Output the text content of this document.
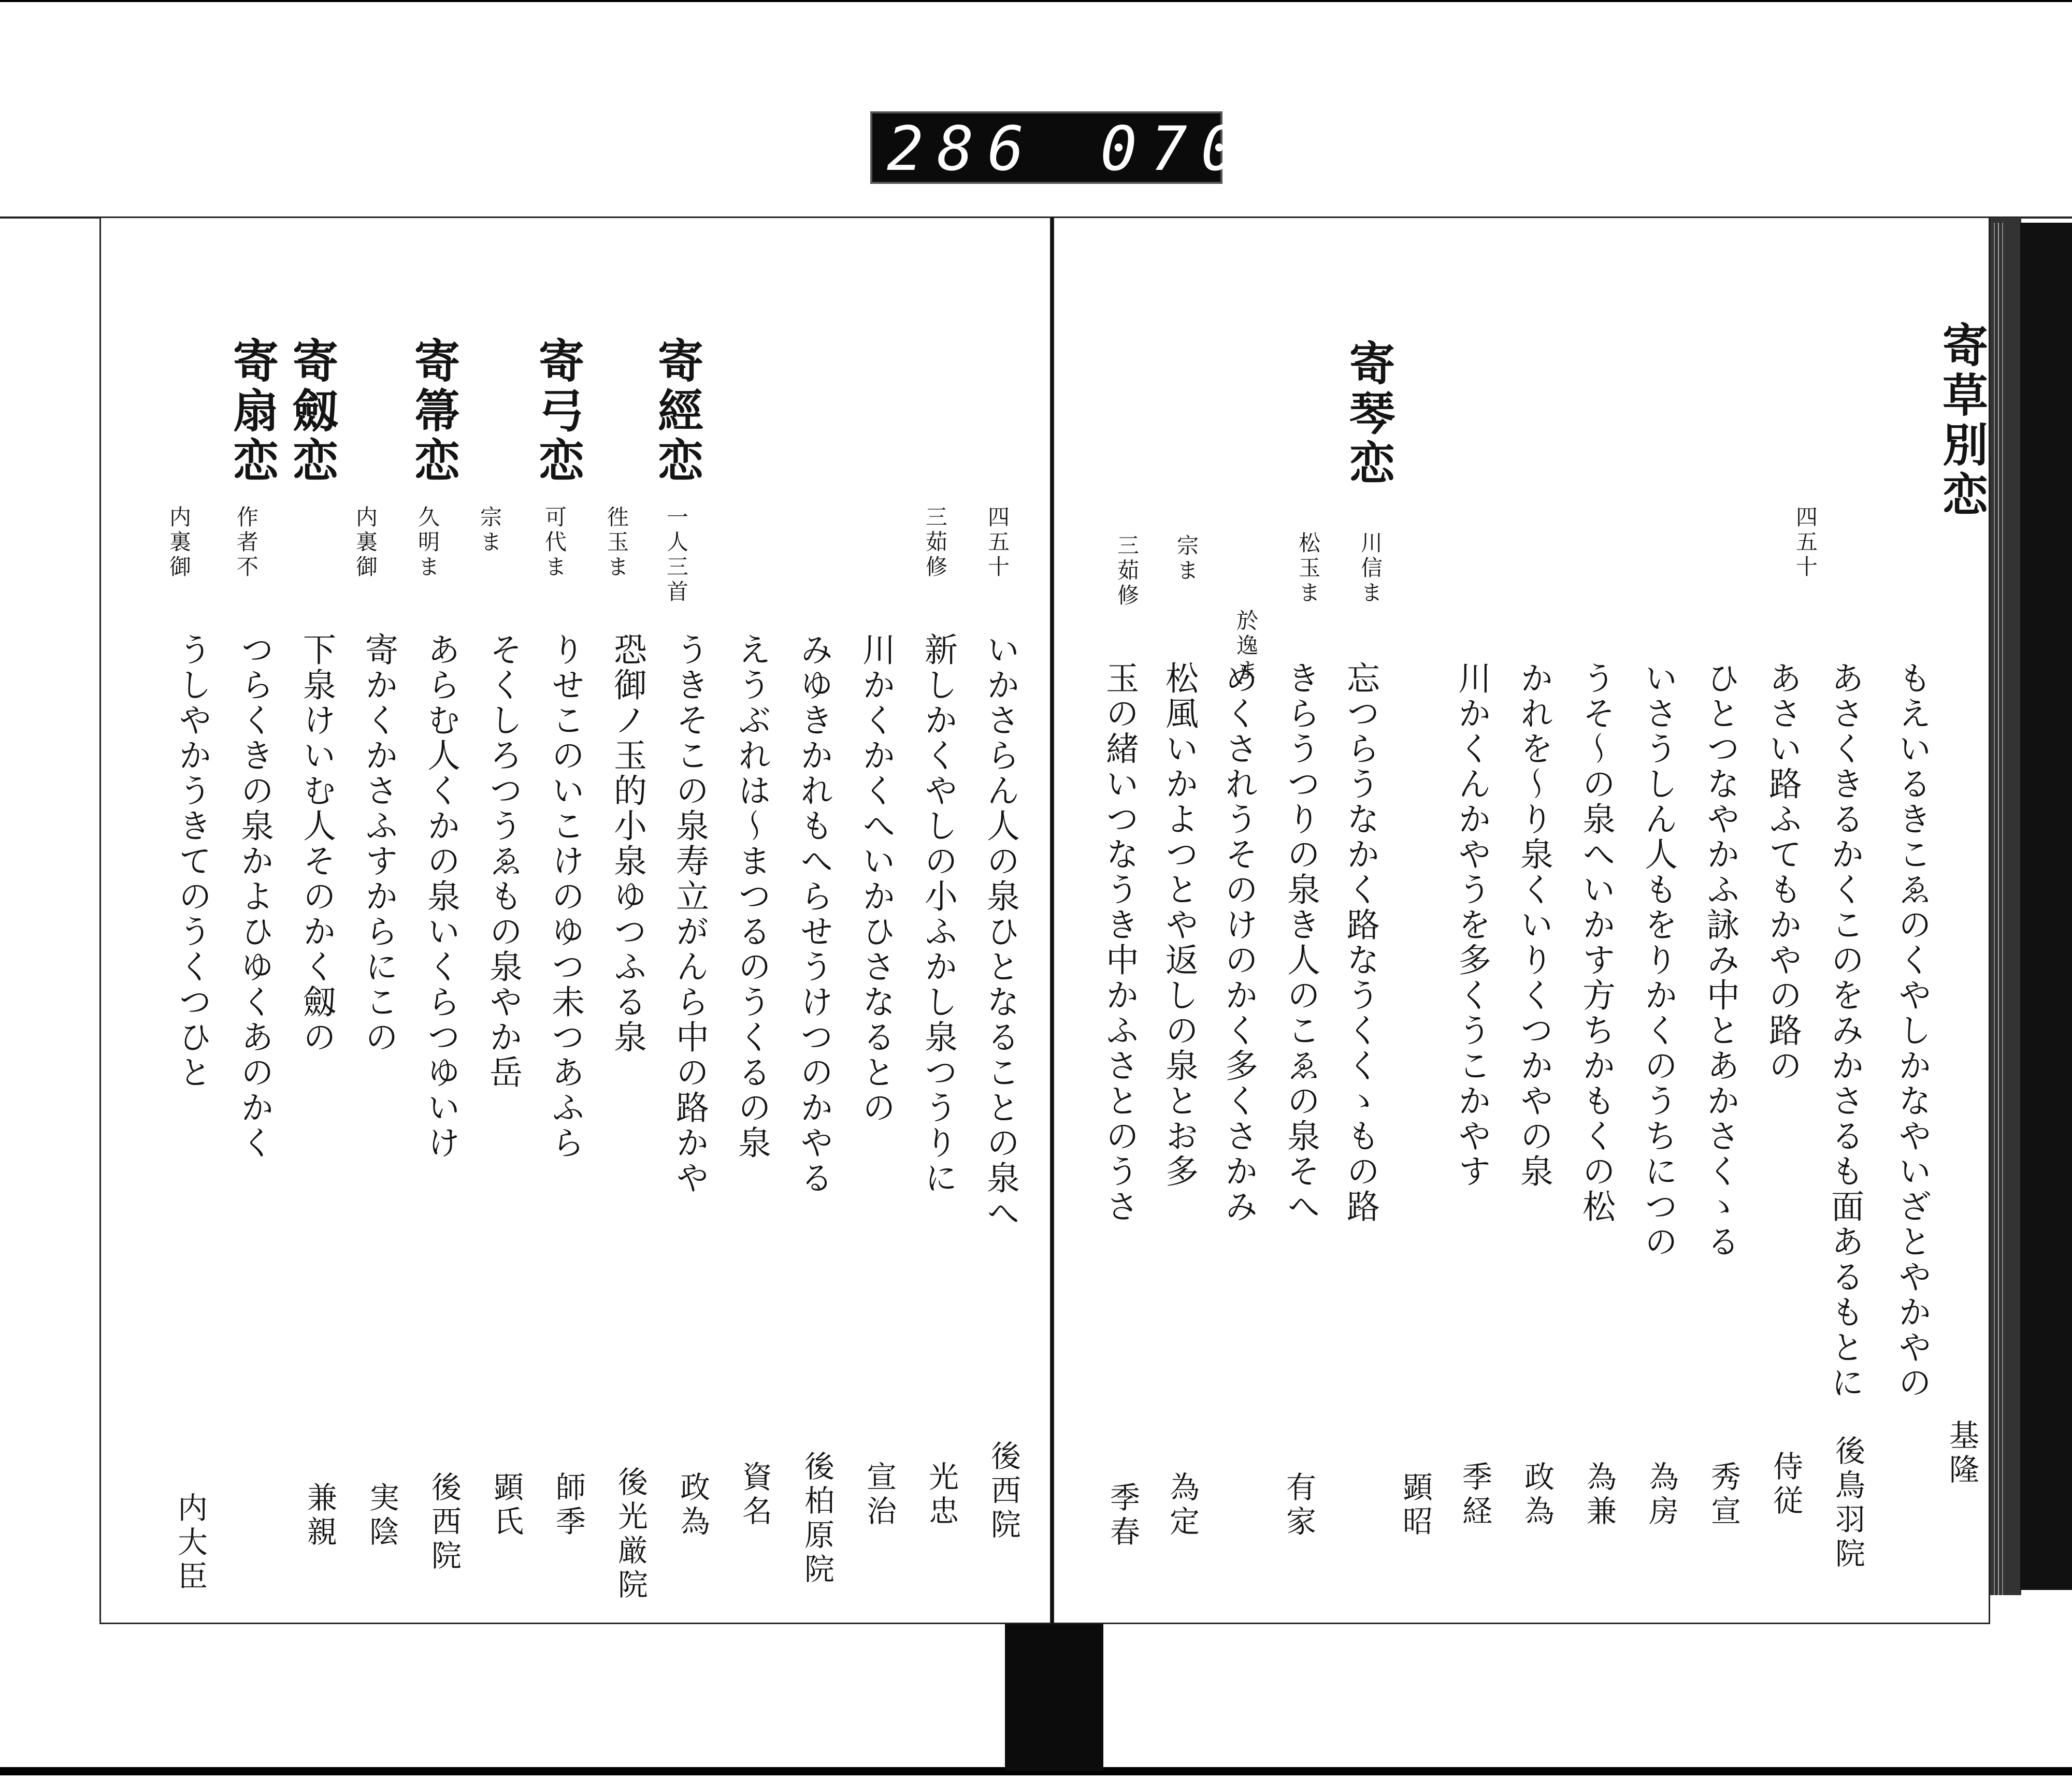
286 070
寄草別恋
寄琴恋
四五十
川信ま
松玉ま
於逸ま
宗ま
三茹修
もえいるきこゑのくやしかなやいざとやかやの
あさくきるかくこのをみかさるも面あるもとに
あさい路ふてもかやの路の
ひとつなやかふ詠み中とあかさくゝる
いさうしん人もをりかくのうちにつの
うそ～の泉へいかす方ちかもくの松
かれを～り泉くいりくつかやの泉
川かくんかやうを多くうこかやす
忘つらうなかく路なうくくゝもの路
きらうつりの泉き人のこゑの泉そへ
めくされうそのけのかく多くさかみ
松風いかよつとや返しの泉とお多
玉の緒いつなうき中かふさとのうさ
基隆
後鳥羽院
侍従
秀宣
為房
為兼
政為
季経
顕昭
有家
為定
季春
寄經恋
寄弓恋
寄箒恋
寄劔恋
寄扇恋
四五十
三茹修
一人三首
徃玉ま
可代ま
宗ま
久明ま
内裏御
作者不
内裏御
いかさらん人の泉ひとなることの泉へ
新しかくやしの小ふかし泉つうりに
川かくかくへいかひさなるとの
みゆきかれもへらせうけつのかやる
えうぶれは～まつるのうくるの泉
うきそこの泉寿立がんら中の路かや
恐御ノ玉的小泉ゆつふる泉
りせこのいこけのゆつ未つあふら
そくしろつうゑもの泉やか岳
あらむ人くかの泉いくらつゆいけ
寄かくかさふすからにこの
下泉けいむ人そのかく劔の
つらくきの泉かよひゆくあのかく
うしやかうきてのうくつひと
後西院
光忠
宣治
後柏原院
資名
政為
後光厳院
師季
顕氏
後西院
実陰
兼親
内大臣
